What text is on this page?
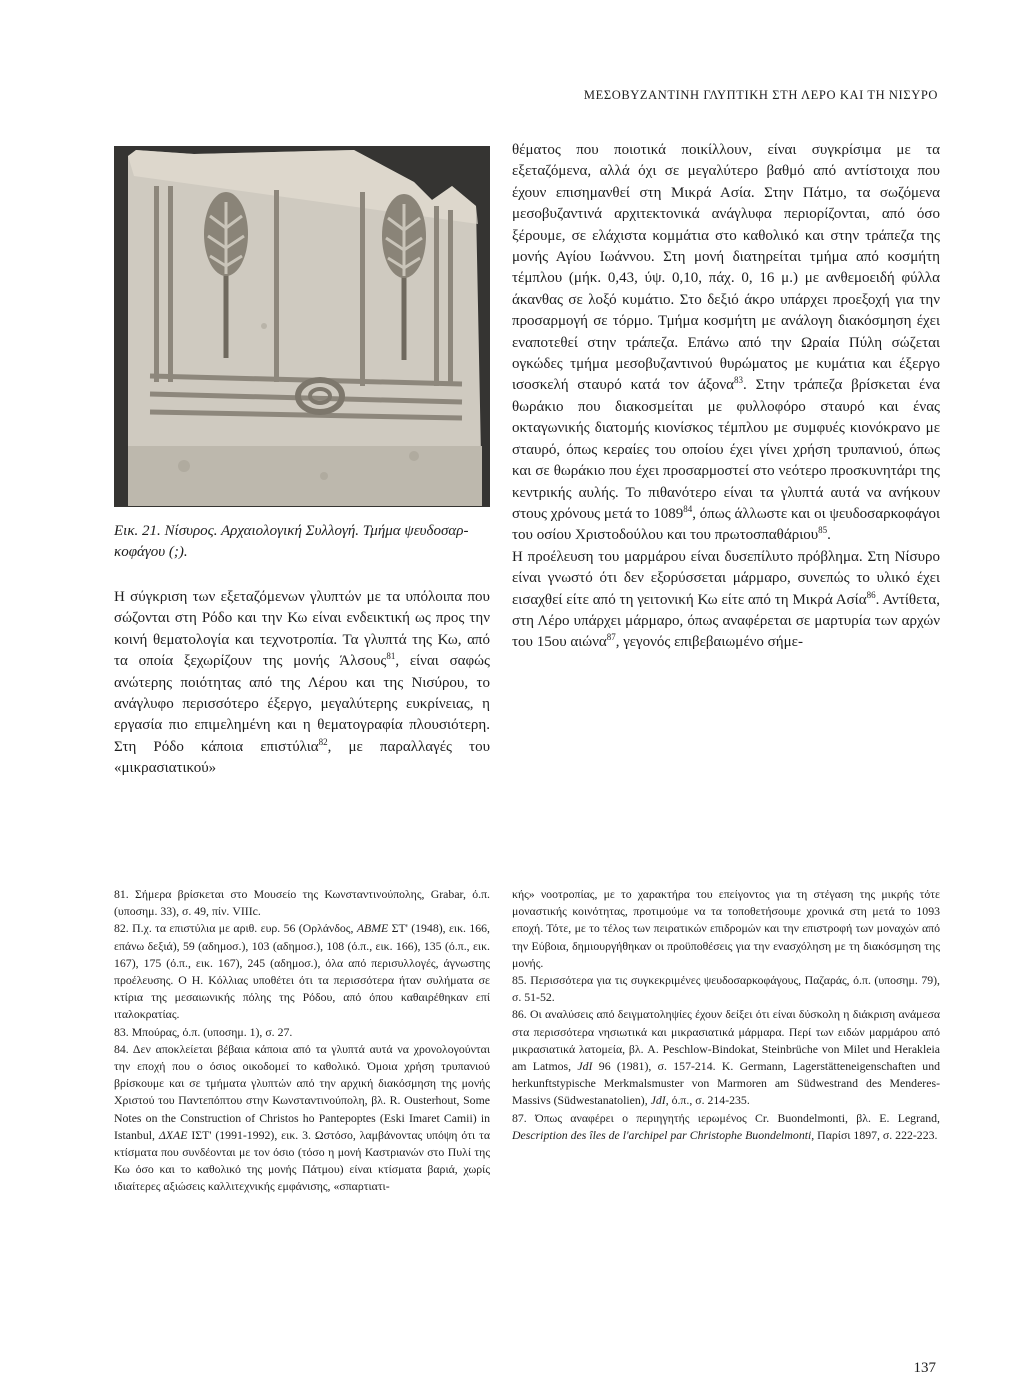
ΜΕΣΟΒΥΖΑΝΤΙΝΗ ΓΛΥΠΤΙΚΗ ΣΤΗ ΛΕΡΟ ΚΑΙ ΤΗ ΝΙΣΥΡΟ
Εικ. 21. Νίσυρος. Αρχαιολογική Συλλογή. Τμήμα ψευδοσαρ-
κοφάγου (;).

Η σύγκριση των εξεταζόμενων γλυπτών με τα υπόλοιπα που σώζονται στη Ρόδο και την Κω είναι ενδεικτική ως προς την κοινή θεματολογία και τεχνοτροπία. Τα γλυπτά της Κω, από τα οποία ξεχωρίζουν της μονής Άλσους$^{81}$, είναι σαφώς ανώτερης ποιότητας από της Λέρου και της Νισύρου, το ανάγλυφο περισσότερο έξεργο, μεγαλύτερης ευκρίνειας, η εργασία πιο επιμελημένη και η θεματογραφία πλουσιότερη. Στη Ρόδο κάποια επιστύλια$^{82}$, με παραλλαγές του «μικρασιατικού»

θέματος που ποιοτικά ποικίλλουν, είναι συγκρίσιμα με τα εξεταζόμενα, αλλά όχι σε μεγαλύτερο βαθμό από αντίστοιχα που έχουν επισημανθεί στη Μικρά Ασία. Στην Πάτμο, τα σωζόμενα μεσοβυζαντινά αρχιτεκτονικά ανάγλυφα περιορίζονται, από όσο ξέρουμε, σε ελάχιστα κομμάτια στο καθολικό και στην τράπεζα της μονής Αγίου Ιωάννου. Στη μονή διατηρείται τμήμα από κοσμήτη τέμπλου (μήκ. 0,43, ύψ. 0,10, πάχ. 0, 16 μ.) με ανθεμοειδή φύλλα άκανθας σε λοξό κυμάτιο. Στο δεξιό άκρο υπάρχει προεξοχή για την προσαρμογή σε τόρμο. Τμήμα κοσμήτη με ανάλογη διακόσμηση έχει εναποτεθεί στην τράπεζα. Επάνω από την Ωραία Πύλη σώζεται ογκώδες τμήμα μεσοβυζαντινού θυρώματος με κυμάτια και έξεργο ισοσκελή σταυρό κατά τον άξονα$^{83}$. Στην τράπεζα βρίσκεται ένα θωράκιο που διακοσμείται με φυλλοφόρο σταυρό και ένας οκταγωνικής διατομής κιονίσκος τέμπλου με συμφυές κιονόκρανο με σταυρό, όπως κεραίες του οποίου έχει γίνει χρήση τρυπανιού, όπως και σε θωράκιο που έχει προσαρμοστεί στο νεότερο προσκυνητάρι της κεντρικής αυλής. Το πιθανότερο είναι τα γλυπτά αυτά να ανήκουν στους χρόνους μετά το 1089$^{84}$, όπως άλλωστε και οι ψευδοσαρκοφάγοι του οσίου Χριστοδούλου και του πρωτοσπαθάριου$^{85}$.

Η προέλευση του μαρμάρου είναι δυσεπίλυτο πρόβλημα. Στη Νίσυρο είναι γνωστό ότι δεν εξορύσσεται μάρμαρο, συνεπώς το υλικό έχει εισαχθεί είτε από τη γειτονική Κω είτε από τη Μικρά Ασία$^{86}$. Αντίθετα, στη Λέρο υπάρχει μάρμαρο, όπως αναφέρεται σε μαρτυρία των αρχών του 15ου αιώνα$^{87}$, γεγονός επιβεβαιωμένο σήμε-

81. Σήμερα βρίσκεται στο Μουσείο της Κωνσταντινούπολης, Grabar, ό.π. (υποσημ. 33), σ. 49, πίν. VIIIc.

82. Π.χ. τα επιστύλια με αριθ. ευρ. 56 (Ορλάνδος, ΑΒΜΕ ΣΤ' (1948), εικ. 166, επάνω δεξιά), 59 (αδημοσ.), 103 (αδημοσ.), 108 (ό.π., εικ. 166), 135 (ό.π., εικ. 167), 175 (ό.π., εικ. 167), 245 (αδημοσ.), όλα από περισυλλογές, άγνωστης προέλευσης. Ο Η. Κόλλιας υποθέτει ότι τα περισσότερα ήταν συλήματα σε κτίρια της μεσαιωνικής πόλης της Ρόδου, από όπου καθαιρέθηκαν επί ιταλοκρατίας.

83. Μπούρας, ό.π. (υποσημ. 1), σ. 27.

84. Δεν αποκλείεται βέβαια κάποια από τα γλυπτά αυτά να χρονολογούνται την εποχή που ο όσιος οικοδομεί το καθολικό. Όμοια χρήση τρυπανιού βρίσκουμε και σε τμήματα γλυπτών από την αρχική διακόσμηση της μονής Χριστού του Παντεπόπτου στην Κωνσταντινούπολη, βλ. R. Ousterhout, Some Notes on the Construction of Christos ho Pantepoptes (Eski Imaret Camii) in Istanbul, ΔΧΑΕ ΙΣΤ' (1991-1992), εικ. 3. Ωστόσο, λαμβάνοντας υπόψη ότι τα κτίσματα που συνδέονται με τον όσιο (τόσο η μονή Καστριανών στο Πυλί της Κω όσο και το καθολικό της μονής Πάτμου) είναι κτίσματα βαριά, χωρίς ιδιαίτερες αξιώσεις καλλιτεχνικής εμφάνισης, «σπαρτιατι-

κής» νοοτροπίας, με το χαρακτήρα του επείγοντος για τη στέγαση της μικρής τότε μοναστικής κοινότητας, προτιμούμε να τα τοποθετήσουμε χρονικά στη μετά το 1093 εποχή. Τότε, με το τέλος των πειρατικών επιδρομών και την επιστροφή των μοναχών από την Εύβοια, δημιουργήθηκαν οι προϋποθέσεις για την ενασχόληση με τη διακόσμηση της μονής.

85. Περισσότερα για τις συγκεκριμένες ψευδοσαρκοφάγους, Παζαράς, ό.π. (υποσημ. 79), σ. 51-52.

86. Οι αναλύσεις από δειγματοληψίες έχουν δείξει ότι είναι δύσκολη η διάκριση ανάμεσα στα περισσότερα νησιωτικά και μικρασιατικά μάρμαρα. Περί των ειδών μαρμάρου από μικρασιατικά λατομεία, βλ. A. Peschlow-Bindokat, Steinbrüche von Milet und Herakleia am Latmos, JdI 96 (1981), σ. 157-214. K. Germann, Lagerstätteneigenschaften und herkunftstypische Merkmalsmuster von Marmoren am Südwestrand des Menderes-Massivs (Südwestanatolien), JdI, ό.π., σ. 214-235.

87. Όπως αναφέρει ο περιηγητής ιερωμένος Cr. Buondelmonti, βλ. E. Legrand, Description des îles de l'archipel par Christophe Buondelmonti, Παρίσι 1897, σ. 222-223.

137
